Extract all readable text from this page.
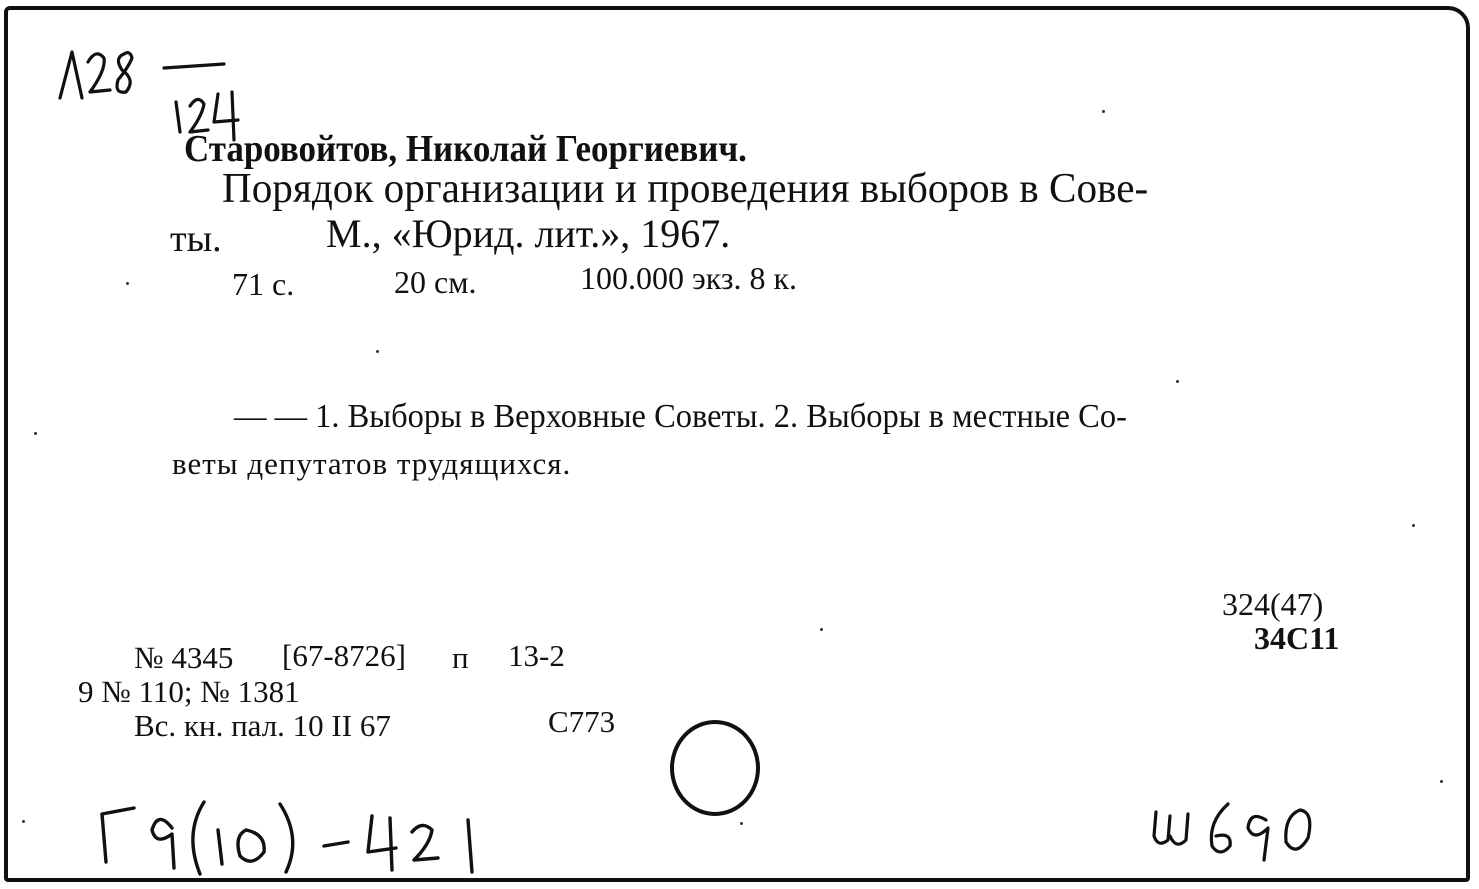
Старовойтов, Николай Георгиевич.
Порядок организации и проведения выборов в Сове-
ты.	М., «Юрид. лит.», 1967.
71 с.	20 см.	100.000 экз. 8 к.
— — 1. Выборы в Верховные Советы. 2. Выборы в местные Со-
веты депутатов трудящихся.
324(47)
34С11
№ 4345 [67-8726] п 13-2
9 № 110; № 1381
Вс. кн. пал. 10 II 67	С773
